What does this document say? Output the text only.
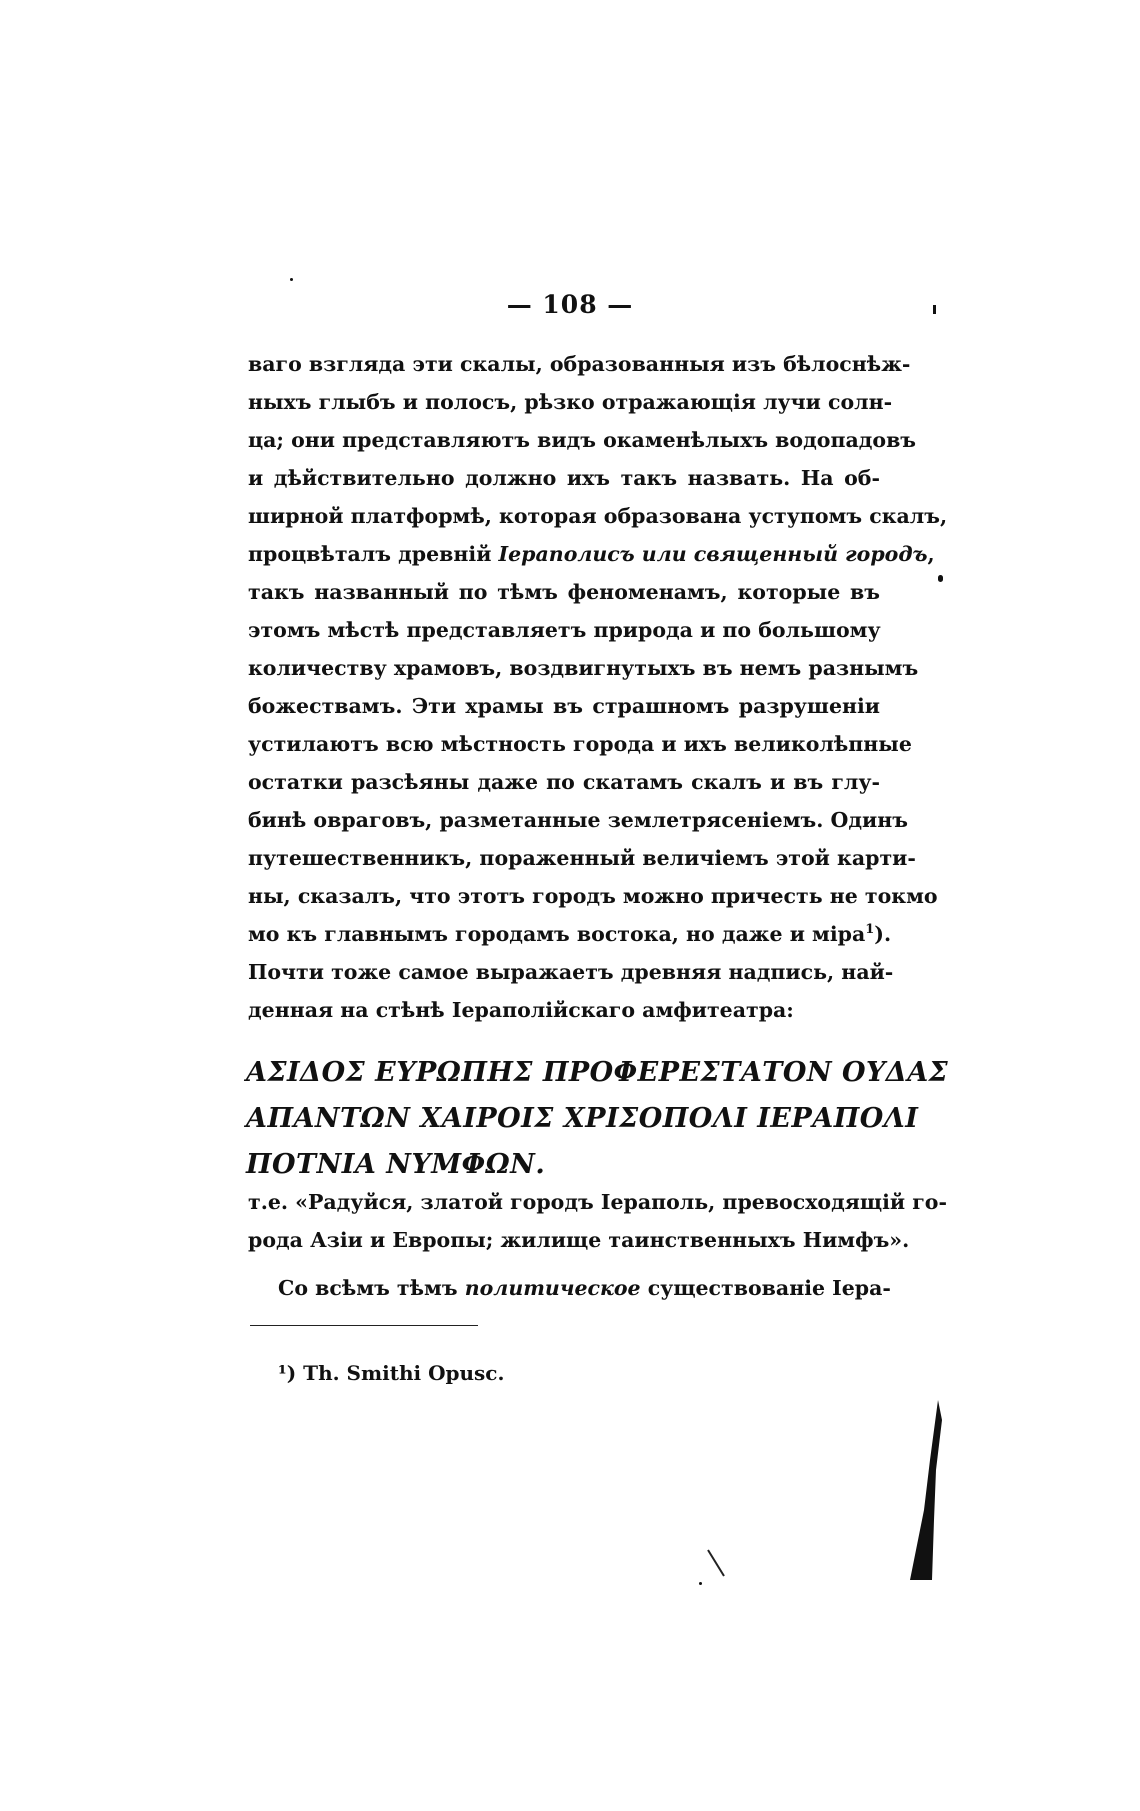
— 108 —
ваго взгляда эти скалы, образованныя изъ бѣлоснѣж-
ныхъ глыбъ и полосъ, рѣзко отражающія лучи солн-
ца; они представляютъ видъ окаменѣлыхъ водопадовъ
и дѣйствительно должно ихъ такъ назвать. На об-
ширной платформѣ, которая образована уступомъ скалъ,
процвѣталъ древній Іераполисъ или священный городъ,
такъ названный по тѣмъ феноменамъ, которые въ
этомъ мѣстѣ представляетъ природа и по большому
количеству храмовъ, воздвигнутыхъ въ немъ разнымъ
божествамъ. Эти храмы въ страшномъ разрушеніи
устилаютъ всю мѣстность города и ихъ великолѣпные
остатки разсѣяны даже по скатамъ скалъ и въ глу-
бинѣ овраговъ, разметанные землетрясеніемъ. Одинъ
путешественникъ, пораженный величіемъ этой карти-
ны, сказалъ, что этотъ городъ можно причесть не токмо
мо къ главнымъ городамъ востока, но даже и міра$^1$).
Почти тоже самое выражаетъ древняя надпись, най-
денная на стѣнѣ Іераполійскаго амфитеатра:
ΑΣΙΔΟΣ ΕΥΡΩΠΗΣ ΠΡΟΦΕΡΕΣΤΑΤΟΝ ΟΥΔΑΣ
ΑΠΑΝΤΩΝ ΧΑΙΡΟΙΣ ΧΡΙΣΟΠΟΛΙ ΙΕΡΑΠΟΛΙ
ΠΟΤΝΙΑ ΝΥΜΦΩΝ.
т.е. «Радуйся, златой городъ Іераполь, превосходящій го-
рода Азіи и Европы; жилище таинственныхъ Нимфъ».
Со всѣмъ тѣмъ политическое существованіе Іера-
¹) Th. Smithi Opusc.
